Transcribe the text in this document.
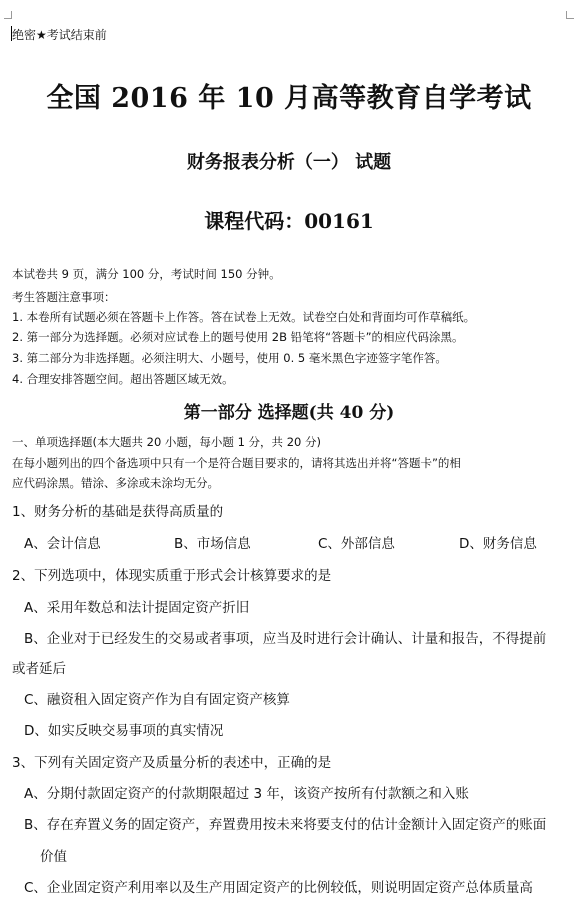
绝密★考试结束前
全国 2016 年 10 月高等教育自学考试
财务报表分析（一） 试题
课程代码：00161
本试卷共 9 页，满分 100 分，考试时间 150 分钟。
考生答题注意事项：
1. 本卷所有试题必须在答题卡上作答。答在试卷上无效。试卷空白处和背面均可作草稿纸。
2. 第一部分为选择题。必须对应试卷上的题号使用 2B 铅笔将“答题卡”的相应代码涂黑。
3. 第二部分为非选择题。必须注明大、小题号，使用 0. 5 毫米黑色字迹签字笔作答。
4. 合理安排答题空间。超出答题区域无效。
第一部分 选择题(共 40 分)
一、单项选择题(本大题共 20 小题，每小题 1 分，共 20 分)
在每小题列出的四个备选项中只有一个是符合题目要求的，请将其选出并将“答题卡”的相
应代码涂黑。错涂、多涂或未涂均无分。
1、财务分析的基础是获得高质量的
A、会计信息	B、市场信息	C、外部信息	D、财务信息
2、下列选项中，体现实质重于形式会计核算要求的是
A、采用年数总和法计提固定资产折旧
B、企业对于已经发生的交易或者事项，应当及时进行会计确认、计量和报告，不得提前
或者延后
C、融资租入固定资产作为自有固定资产核算
D、如实反映交易事项的真实情况
3、下列有关固定资产及质量分析的表述中，正确的是
A、分期付款固定资产的付款期限超过 3 年，该资产按所有付款额之和入账
B、存在弃置义务的固定资产，弃置费用按未来将要支付的估计金额计入固定资产的账面
价值
C、企业固定资产利用率以及生产用固定资产的比例较低，则说明固定资产总体质量高
